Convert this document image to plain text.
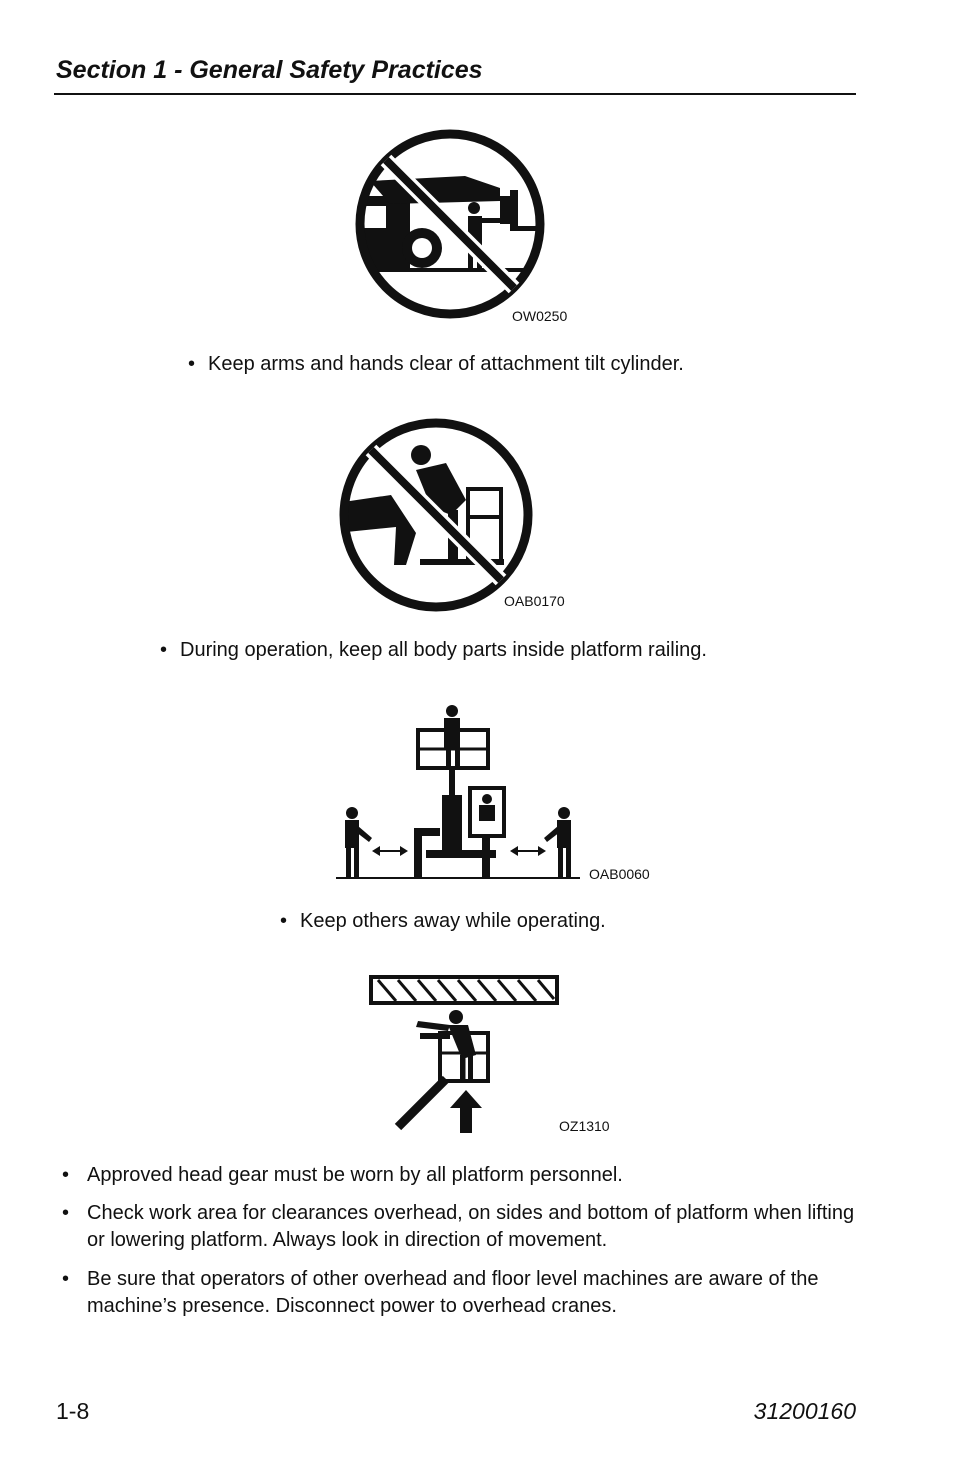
Section 1 - General Safety Practices
OW0250
• Keep arms and hands clear of attachment tilt cylinder.
OAB0170
• During operation, keep all body parts inside platform railing.
OAB0060
• Keep others away while operating.
OZ1310
• Approved head gear must be worn by all platform personnel.
• Check work area for clearances overhead, on sides and bottom of platform when lifting or lowering platform. Always look in direction of movement.
• Be sure that operators of other overhead and floor level machines are aware of the machine’s presence. Disconnect power to overhead cranes.
1-8	31200160
